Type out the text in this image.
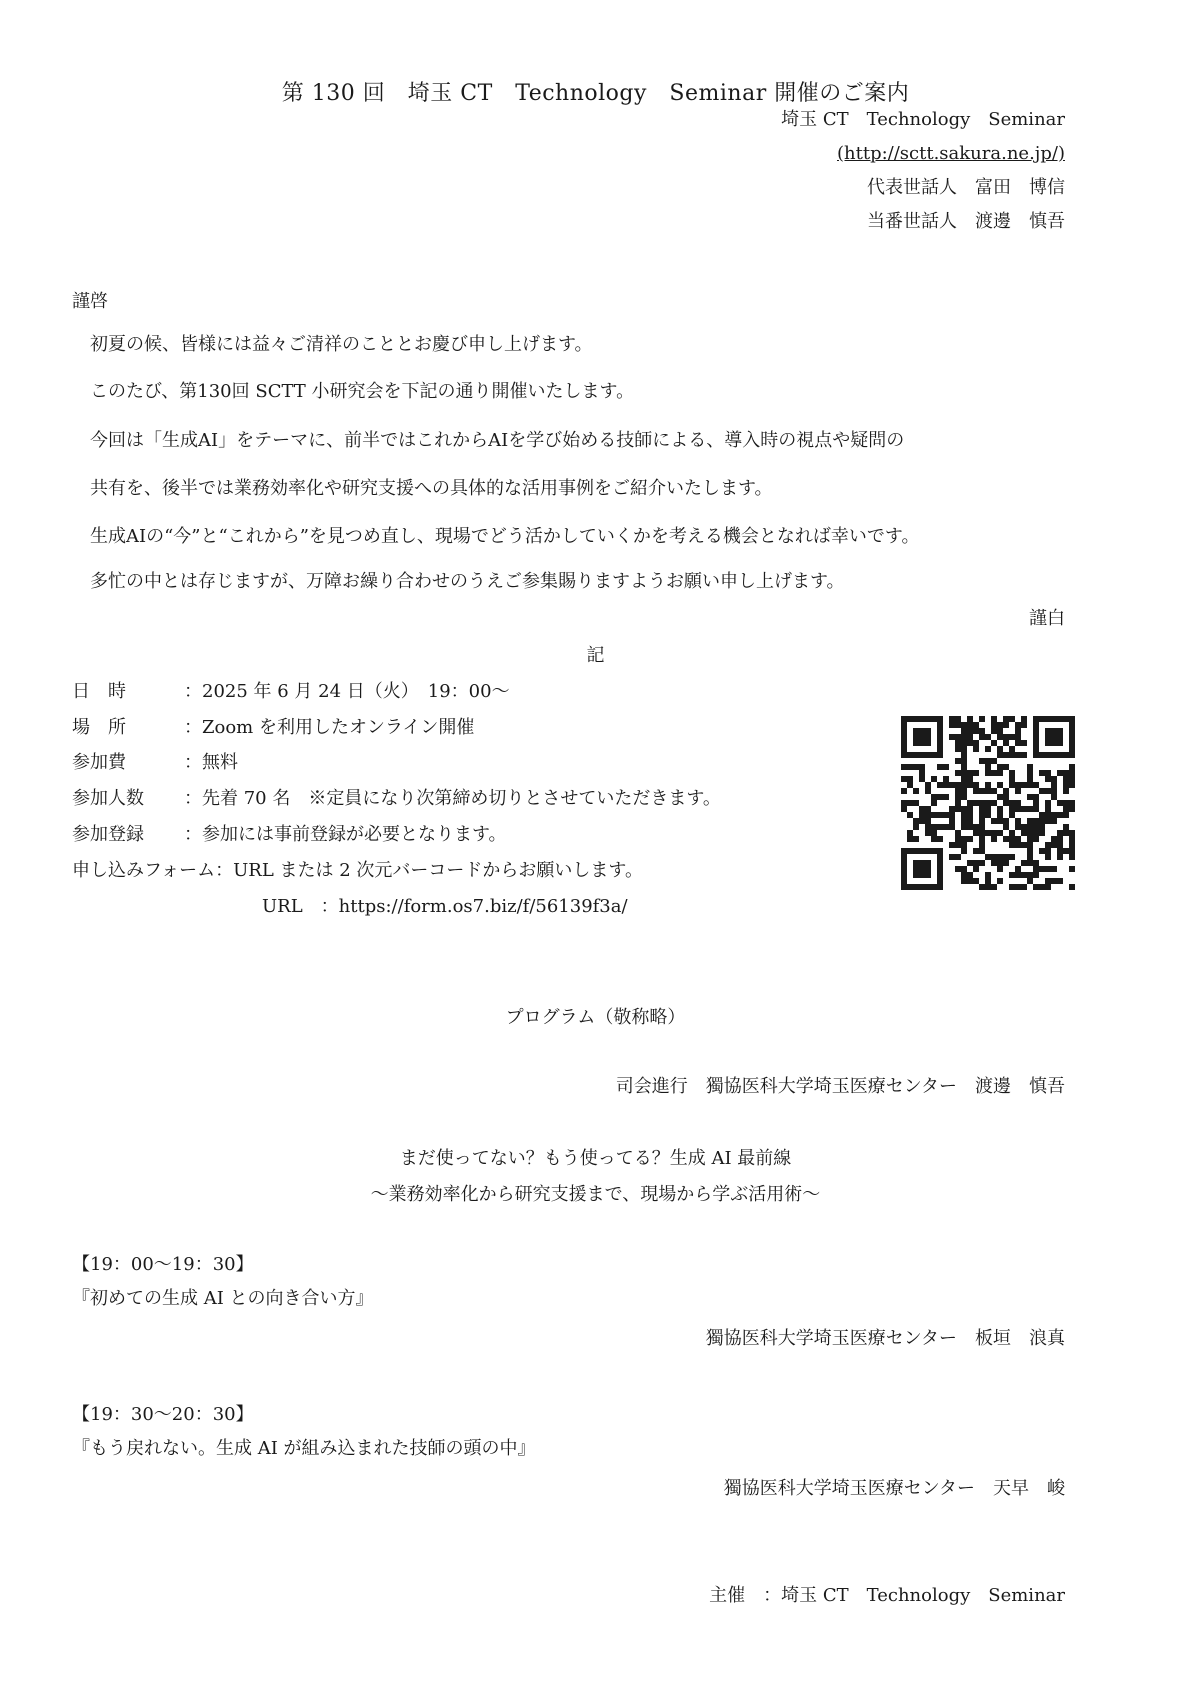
第 130 回　埼玉 CT　Technology　Seminar 開催のご案内
埼玉 CT　Technology　Seminar
(http://sctt.sakura.ne.jp/)
代表世話人　富田　博信
当番世話人　渡邊　慎吾
謹啓
初夏の候、皆様には益々ご清祥のこととお慶び申し上げます。
このたび、第130回 SCTT 小研究会を下記の通り開催いたします。
今回は「生成AI」をテーマに、前半ではこれからAIを学び始める技師による、導入時の視点や疑問の
共有を、後半では業務効率化や研究支援への具体的な活用事例をご紹介いたします。
生成AIの“今”と“これから”を見つめ直し、現場でどう活かしていくかを考える機会となれば幸いです。
多忙の中とは存じますが、万障お繰り合わせのうえご参集賜りますようお願い申し上げます。
謹白
記
日　時	：2025 年 6 月 24 日（火）　19：00〜
場　所	：Zoom を利用したオンライン開催
参加費	：無料
参加人数 ：先着 70 名　※定員になり次第締め切りとさせていただきます。
参加登録 ：参加には事前登録が必要となります。
申し込みフォーム：URL または 2 次元バーコードからお願いします。
URL　：https://form.os7.biz/f/56139f3a/
プログラム（敬称略）
司会進行　獨協医科大学埼玉医療センター　渡邊　慎吾
まだ使ってない？もう使ってる？生成 AI 最前線
〜業務効率化から研究支援まで、現場から学ぶ活用術〜
【19：00〜19：30】
『初めての生成 AI との向き合い方』
獨協医科大学埼玉医療センター　板垣　浪真
【19：30〜20：30】
『もう戻れない。生成 AI が組み込まれた技師の頭の中』
獨協医科大学埼玉医療センター　天早　峻
主催　：埼玉 CT　Technology　Seminar
